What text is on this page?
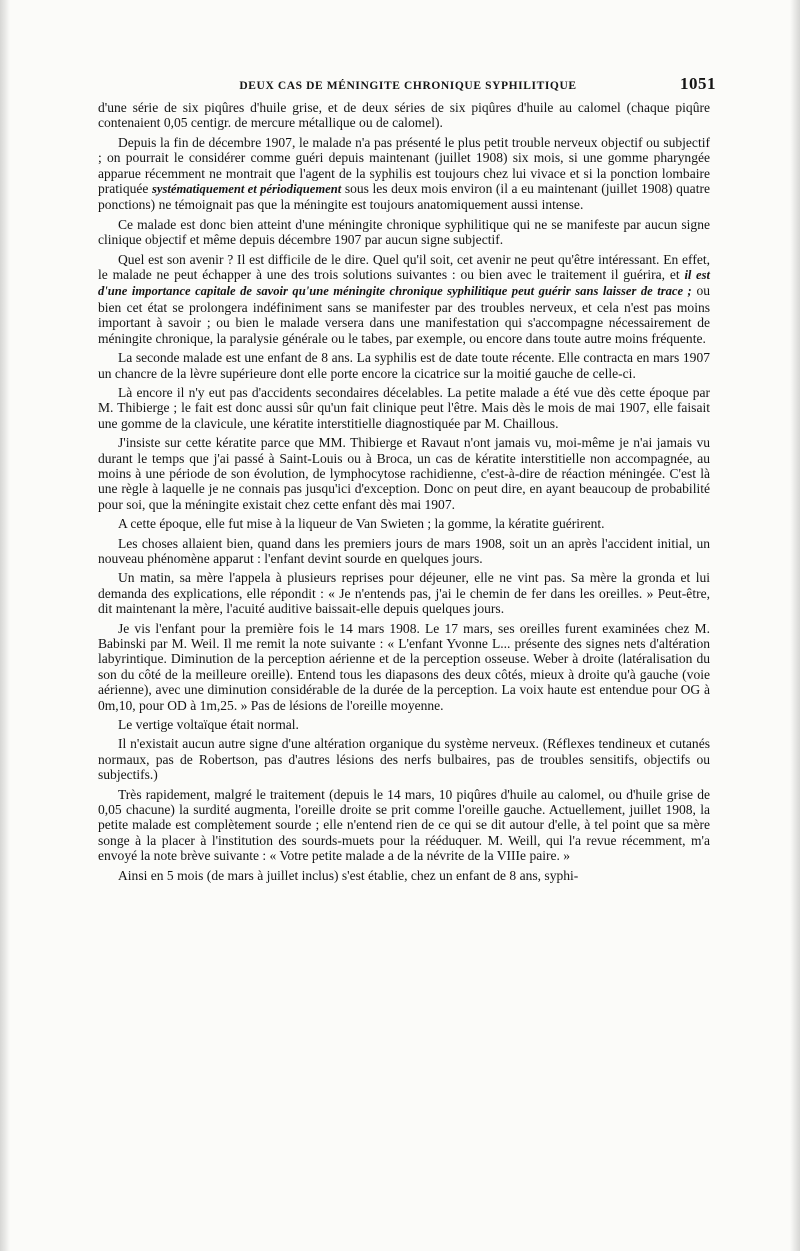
DEUX CAS DE MÉNINGITE CHRONIQUE SYPHILITIQUE	1051

d'une série de six piqûres d'huile grise, et de deux séries de six piqûres d'huile au calomel (chaque piqûre contenaient 0,05 centigr. de mercure métallique ou de calomel).

Depuis la fin de décembre 1907, le malade n'a pas présenté le plus petit trouble nerveux objectif ou subjectif ; on pourrait le considérer comme guéri depuis maintenant (juillet 1908) six mois, si une gomme pharyngée apparue récemment ne montrait que l'agent de la syphilis est toujours chez lui vivace et si la ponction lombaire pratiquée systématiquement et périodiquement sous les deux mois environ (il a eu maintenant (juillet 1908) quatre ponctions) ne témoignait pas que la méningite est toujours anatomiquement aussi intense.

Ce malade est donc bien atteint d'une méningite chronique syphilitique qui ne se manifeste par aucun signe clinique objectif et même depuis décembre 1907 par aucun signe subjectif.

Quel est son avenir ? Il est difficile de le dire. Quel qu'il soit, cet avenir ne peut qu'être intéressant. En effet, le malade ne peut échapper à une des trois solutions suivantes : ou bien avec le traitement il guérira, et il est d'une importance capitale de savoir qu'une méningite chronique syphilitique peut guérir sans laisser de trace ; ou bien cet état se prolongera indéfiniment sans se manifester par des troubles nerveux, et cela n'est pas moins important à savoir ; ou bien le malade versera dans une manifestation qui s'accompagne nécessairement de méningite chronique, la paralysie générale ou le tabes, par exemple, ou encore dans toute autre moins fréquente.

La seconde malade est une enfant de 8 ans. La syphilis est de date toute récente. Elle contracta en mars 1907 un chancre de la lèvre supérieure dont elle porte encore la cicatrice sur la moitié gauche de celle-ci.

Là encore il n'y eut pas d'accidents secondaires décelables. La petite malade a été vue dès cette époque par M. Thibierge ; le fait est donc aussi sûr qu'un fait clinique peut l'être. Mais dès le mois de mai 1907, elle faisait une gomme de la clavicule, une kératite interstitielle diagnostiquée par M. Chaillous.

J'insiste sur cette kératite parce que MM. Thibierge et Ravaut n'ont jamais vu, moi-même je n'ai jamais vu durant le temps que j'ai passé à Saint-Louis ou à Broca, un cas de kératite interstitielle non accompagnée, au moins à une période de son évolution, de lymphocytose rachidienne, c'est-à-dire de réaction méningée. C'est là une règle à laquelle je ne connais pas jusqu'ici d'exception. Donc on peut dire, en ayant beaucoup de probabilité pour soi, que la méningite existait chez cette enfant dès mai 1907.

A cette époque, elle fut mise à la liqueur de Van Swieten ; la gomme, la kératite guérirent.

Les choses allaient bien, quand dans les premiers jours de mars 1908, soit un an après l'accident initial, un nouveau phénomène apparut : l'enfant devint sourde en quelques jours.

Un matin, sa mère l'appela à plusieurs reprises pour déjeuner, elle ne vint pas. Sa mère la gronda et lui demanda des explications, elle répondit : « Je n'entends pas, j'ai le chemin de fer dans les oreilles. » Peut-être, dit maintenant la mère, l'acuité auditive baissait-elle depuis quelques jours.

Je vis l'enfant pour la première fois le 14 mars 1908. Le 17 mars, ses oreilles furent examinées chez M. Babinski par M. Weil. Il me remit la note suivante : « L'enfant Yvonne L... présente des signes nets d'altération labyrintique. Diminution de la perception aérienne et de la perception osseuse. Weber à droite (latéralisation du son du côté de la meilleure oreille). Entend tous les diapasons des deux côtés, mieux à droite qu'à gauche (voie aérienne), avec une diminution considérable de la durée de la perception. La voix haute est entendue pour OG à 0m,10, pour OD à 1m,25. » Pas de lésions de l'oreille moyenne.

Le vertige voltaïque était normal.

Il n'existait aucun autre signe d'une altération organique du système nerveux. (Réflexes tendineux et cutanés normaux, pas de Robertson, pas d'autres lésions des nerfs bulbaires, pas de troubles sensitifs, objectifs ou subjectifs.)

Très rapidement, malgré le traitement (depuis le 14 mars, 10 piqûres d'huile au calomel, ou d'huile grise de 0,05 chacune) la surdité augmenta, l'oreille droite se prit comme l'oreille gauche. Actuellement, juillet 1908, la petite malade est complètement sourde ; elle n'entend rien de ce qui se dit autour d'elle, à tel point que sa mère songe à la placer à l'institution des sourds-muets pour la rééduquer. M. Weill, qui l'a revue récemment, m'a envoyé la note brève suivante : « Votre petite malade a de la névrite de la VIIIe paire. »

Ainsi en 5 mois (de mars à juillet inclus) s'est établie, chez un enfant de 8 ans, syphi-
